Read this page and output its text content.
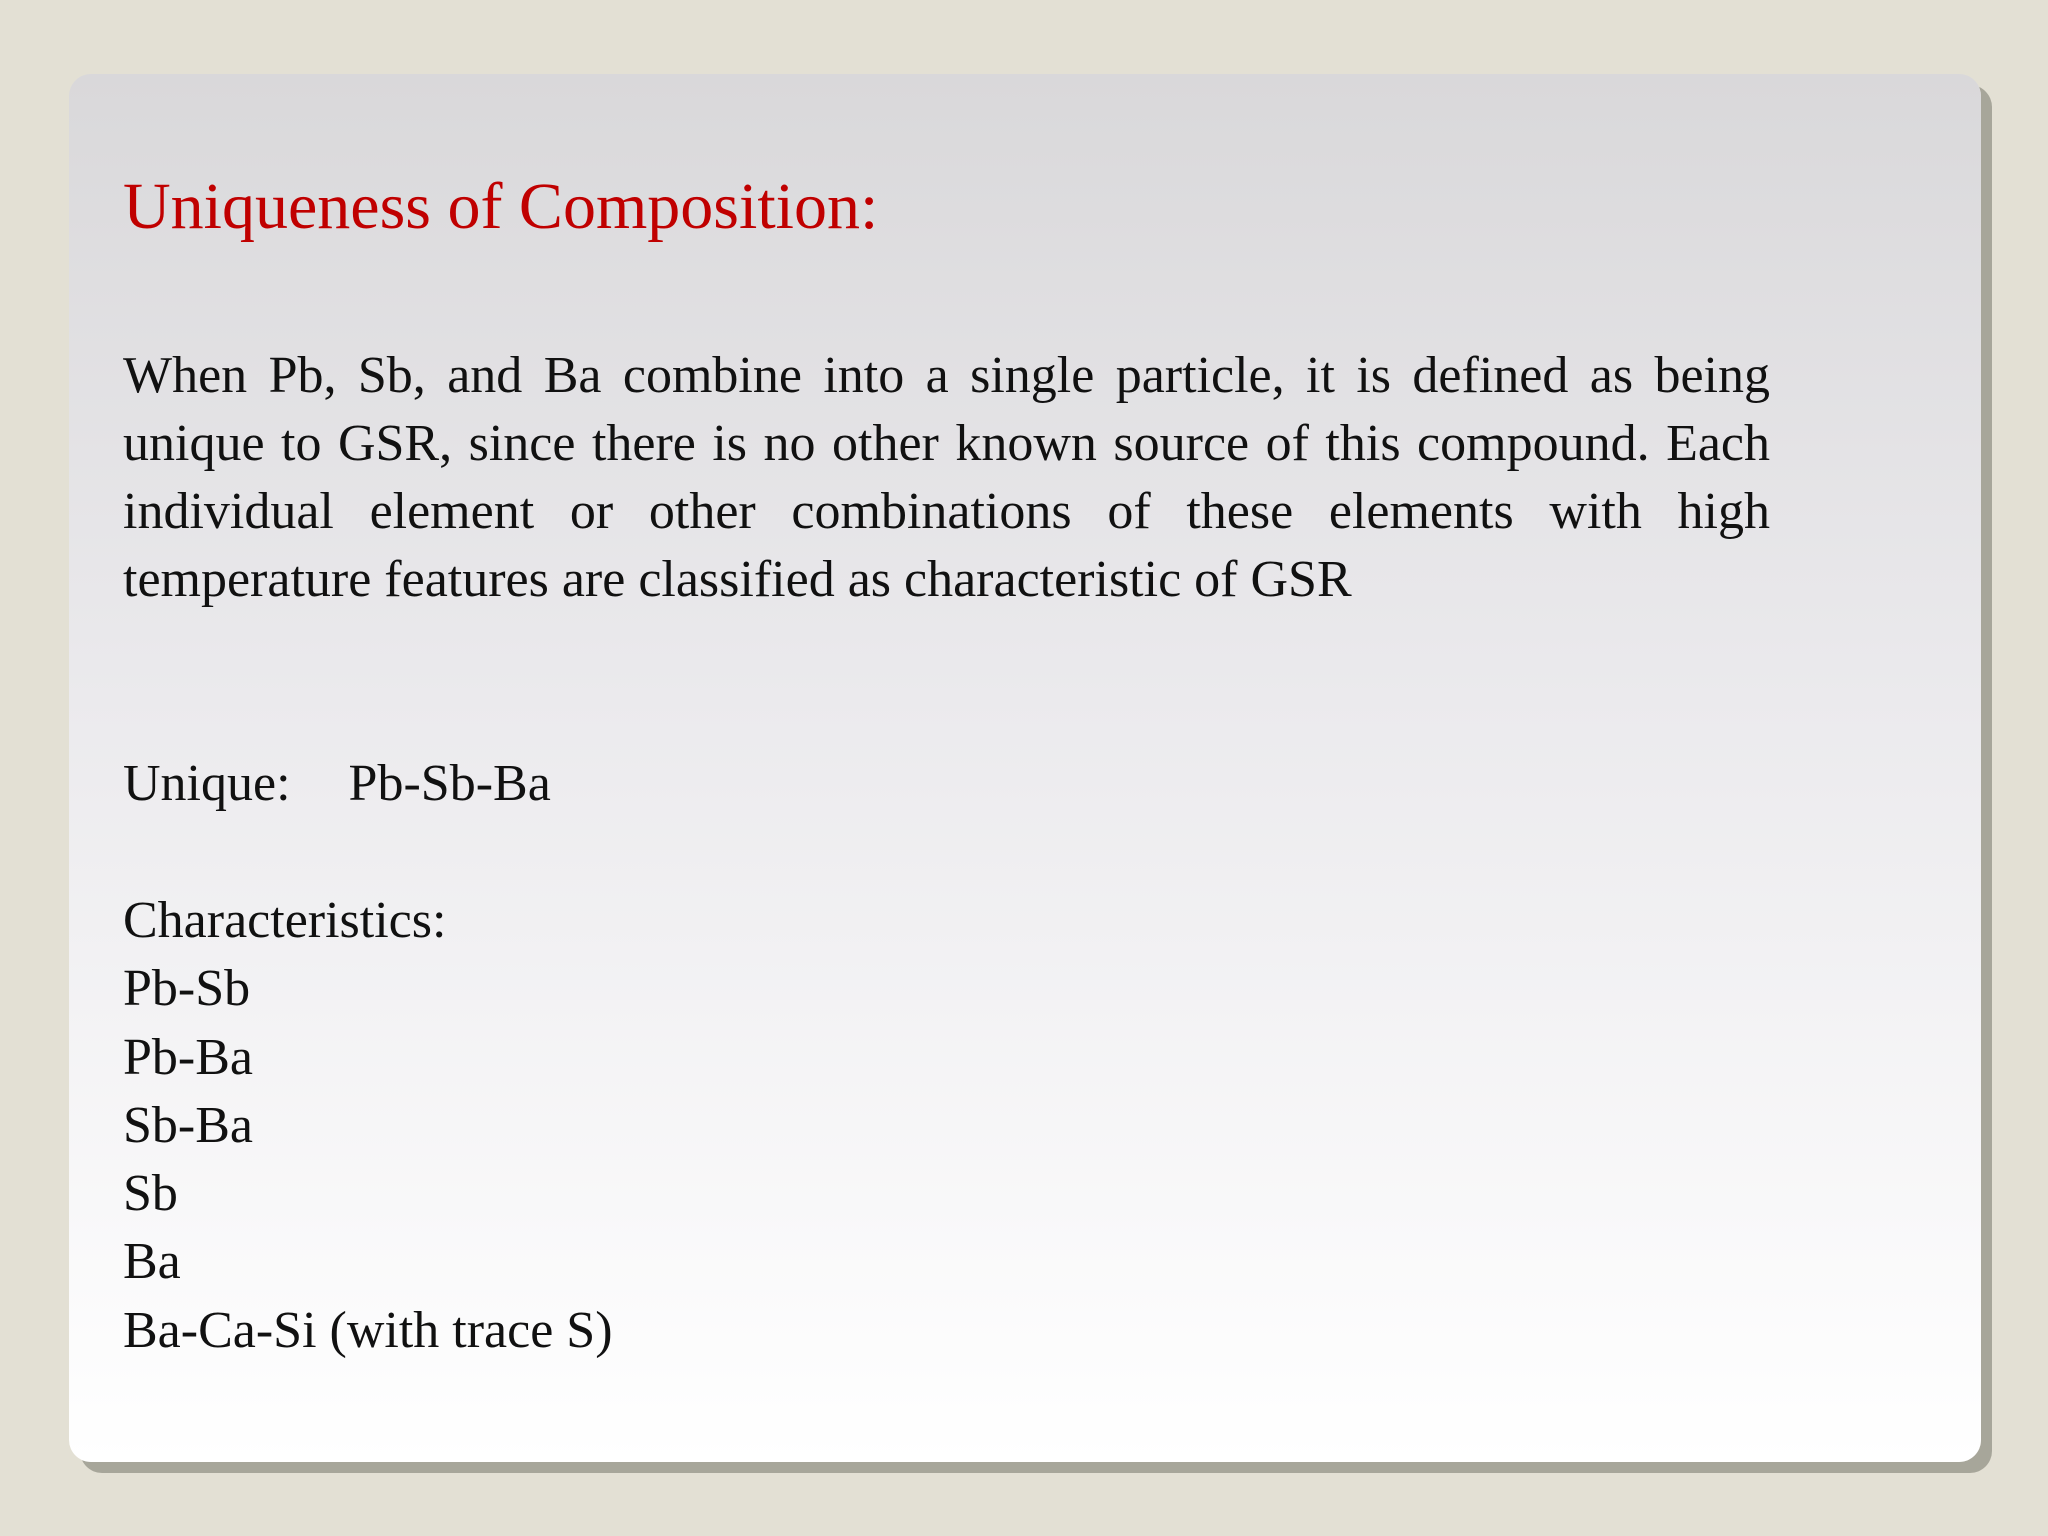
Uniqueness of Composition:

When Pb, Sb, and Ba combine into a single particle, it is defined as being unique to GSR, since there is no other known source of this compound. Each individual element or other combinations of these elements with high temperature features are classified as characteristic of GSR

Unique: Pb-Sb-Ba

Characteristics:
Pb-Sb
Pb-Ba
Sb-Ba
Sb
Ba
Ba-Ca-Si (with trace S)
